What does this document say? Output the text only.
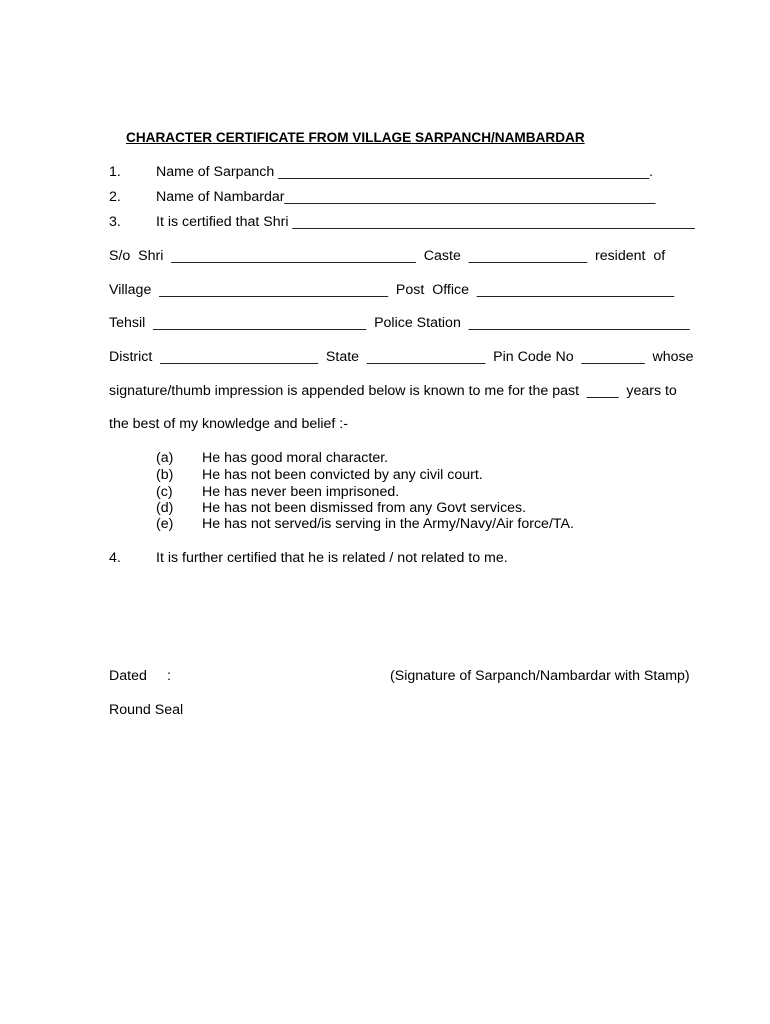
CHARACTER CERTIFICATE FROM VILLAGE SARPANCH/NAMBARDAR
1. Name of Sarpanch _______________________________________________.
2. Name of Nambardar_______________________________________________
3. It is certified that Shri ___________________________________________________
S/o  Shri  _______________________________  Caste  _______________  resident  of
Village  _____________________________  Post  Office  _________________________
Tehsil  ___________________________  Police Station  ____________________________
District  ____________________  State  _______________  Pin Code No  ________  whose
signature/thumb impression is appended below is known to me for the past  ____  years to
the best of my knowledge and belief :-
(a) He has good moral character.
(b) He has not been convicted by any civil court.
(c) He has never been imprisoned.
(d) He has not been dismissed from any Govt services.
(e) He has not served/is serving in the Army/Navy/Air force/TA.
4. It is further certified that he is related / not related to me.
Dated :	(Signature of Sarpanch/Nambardar with Stamp)
Round Seal
